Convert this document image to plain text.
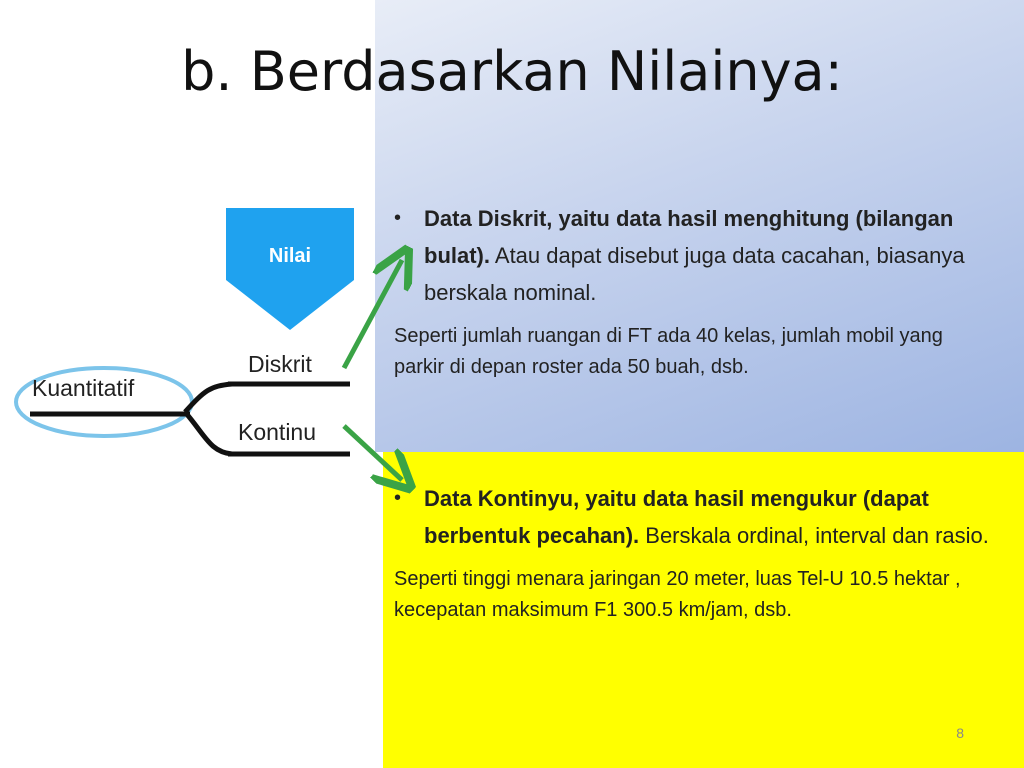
b. Berdasarkan Nilainya:
Nilai
Kuantitatif
Diskrit
Kontinu
•	Data Diskrit, yaitu data hasil menghitung (bilangan bulat). Atau dapat disebut juga data cacahan, biasanya berskala nominal.
Seperti jumlah ruangan di FT ada 40 kelas, jumlah mobil yang parkir di depan roster ada 50 buah, dsb.
•	Data Kontinyu, yaitu data hasil mengukur (dapat berbentuk pecahan). Berskala ordinal, interval dan rasio.
Seperti tinggi menara jaringan 20 meter, luas Tel-U 10.5 hektar , kecepatan maksimum F1 300.5 km/jam, dsb.
8
